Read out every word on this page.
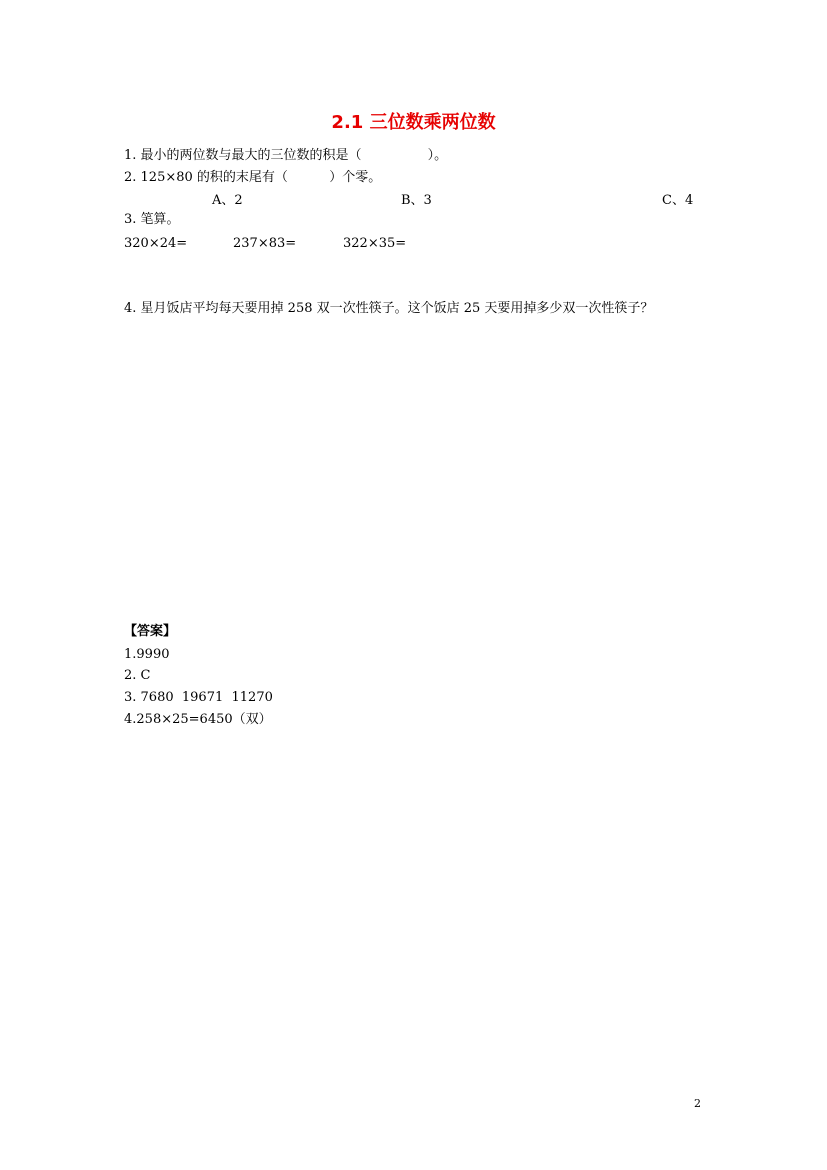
2.1 三位数乘两位数
1. 最小的两位数与最大的三位数的积是（                ）。
2. 125×80 的积的末尾有（          ）个零。
A、2	B、3	C、4
3. 笔算。
320×24=	237×83=	322×35=
4. 星月饭店平均每天要用掉 258 双一次性筷子。这个饭店 25 天要用掉多少双一次性筷子？
【答案】
1.9990
2. C
3. 7680  19671  11270
4.258×25=6450（双）
2
